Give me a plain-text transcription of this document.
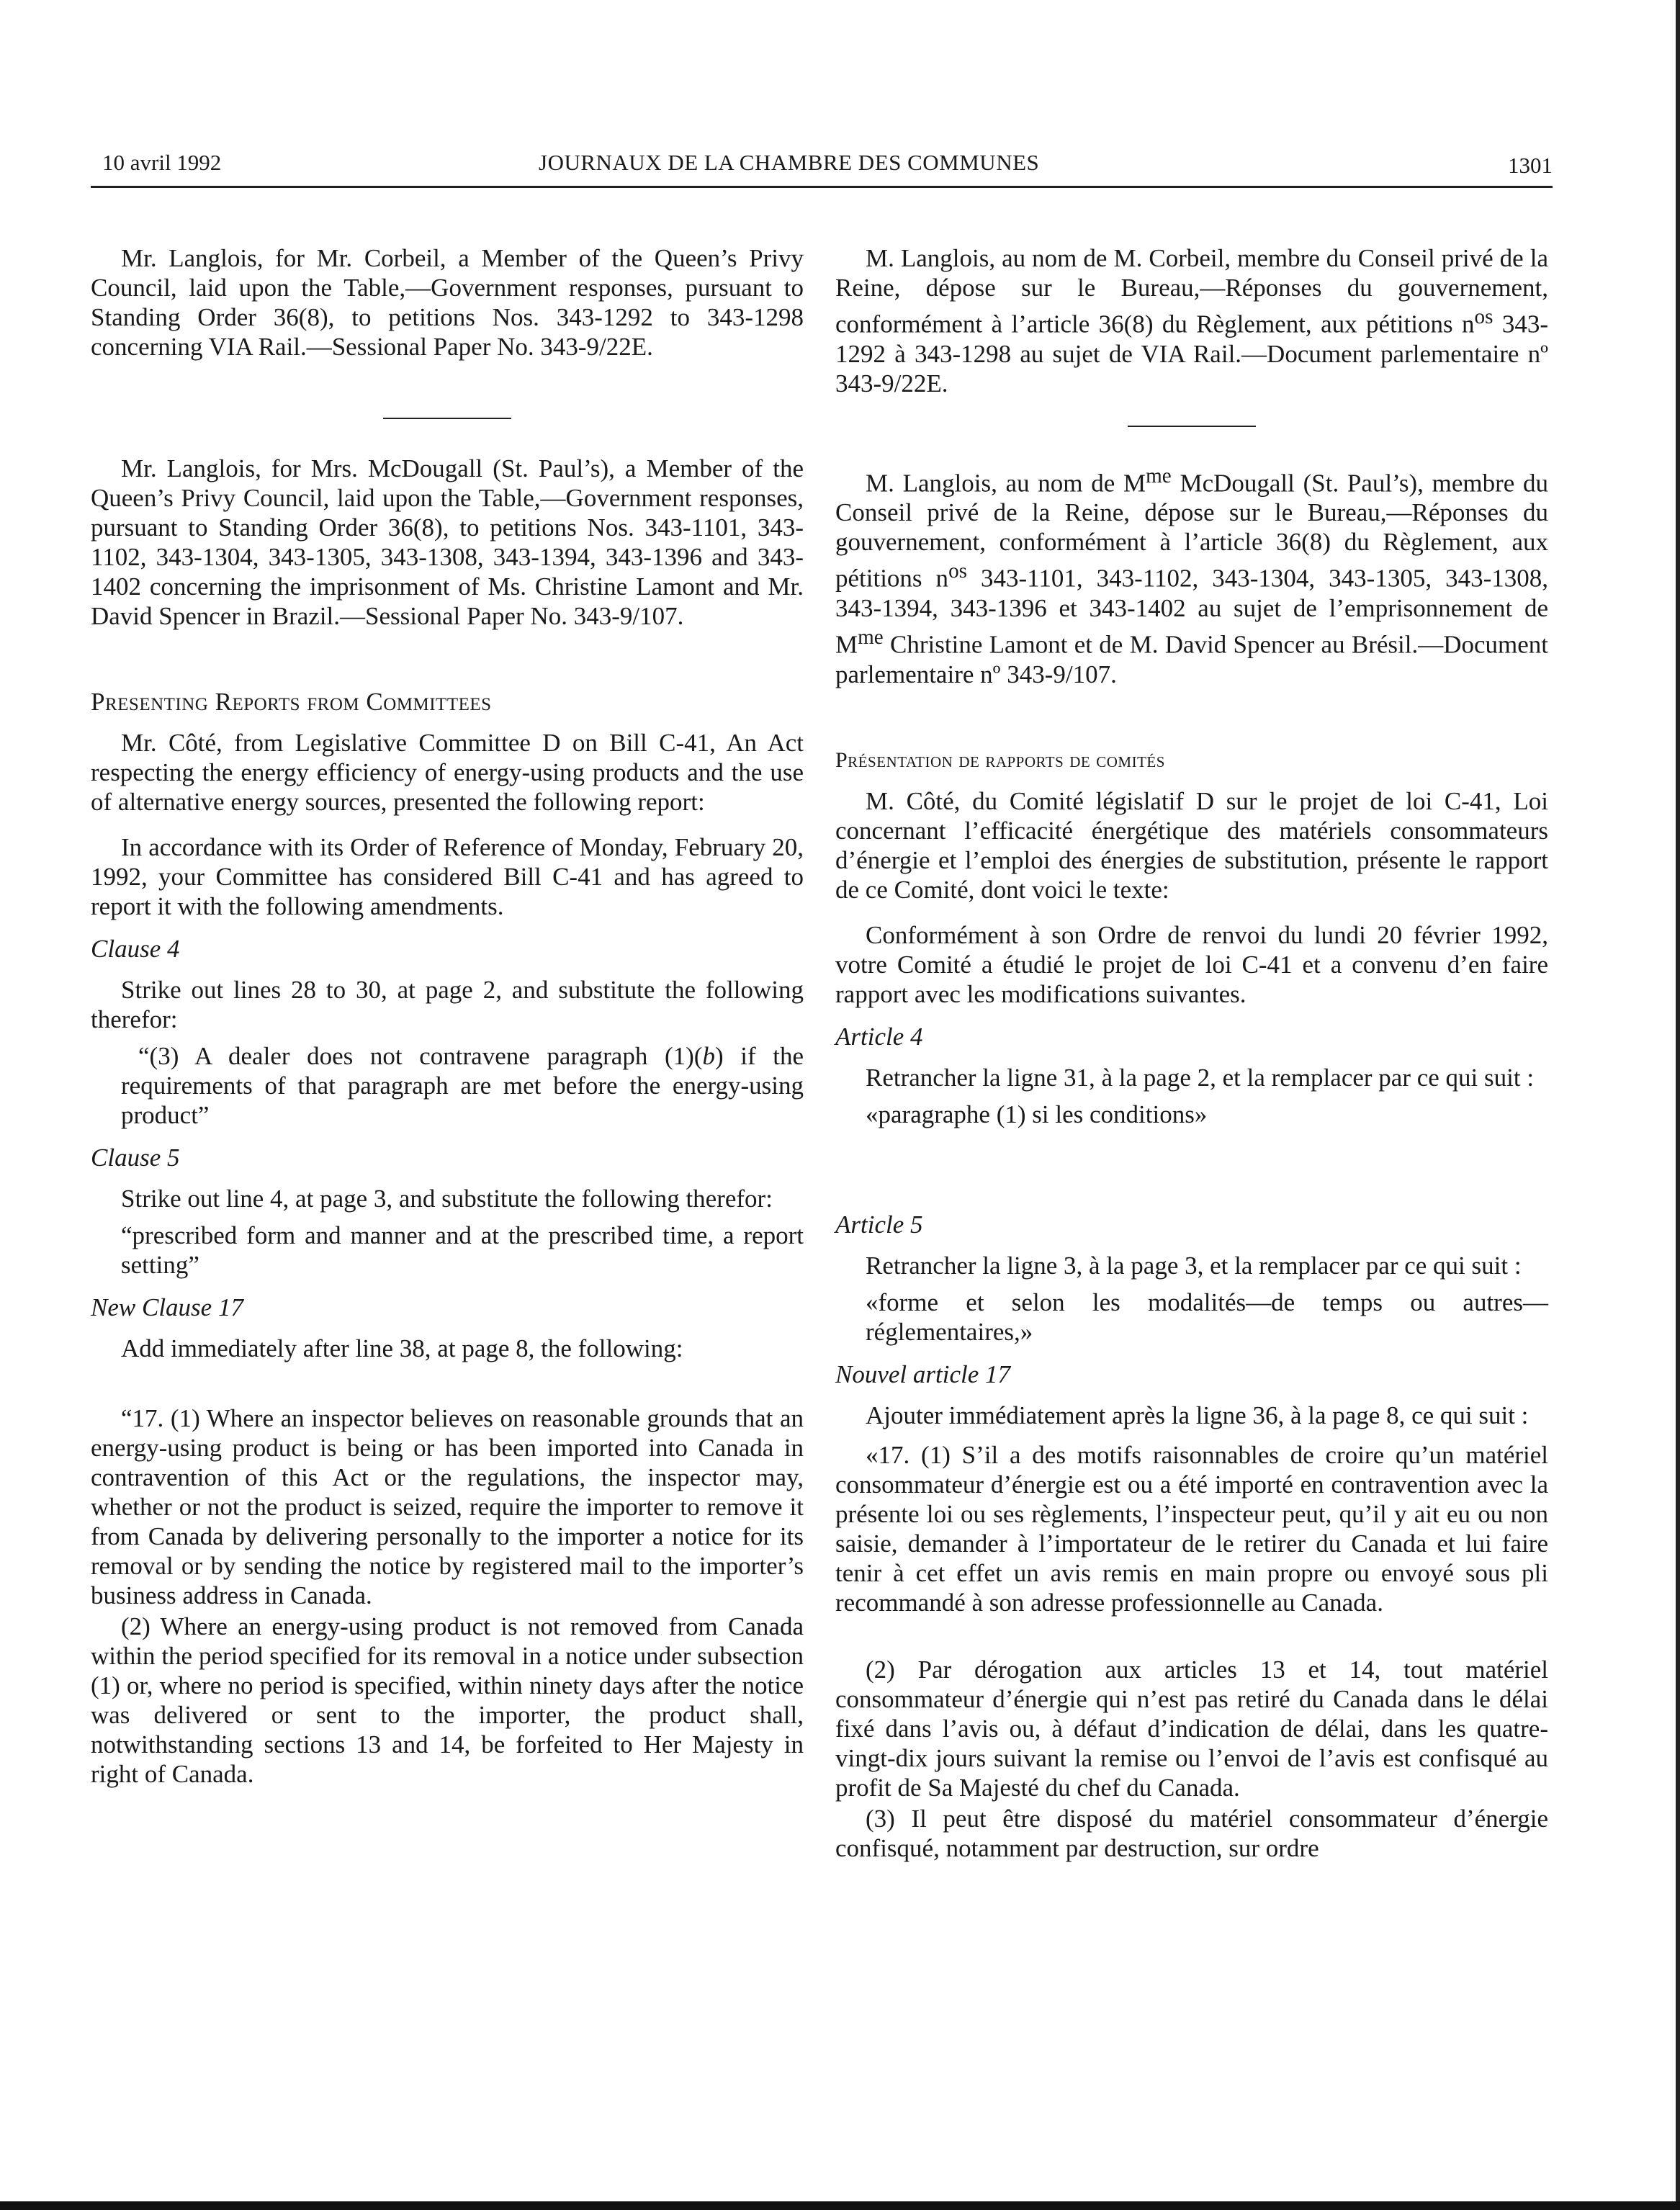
10 avril 1992	JOURNAUX DE LA CHAMBRE DES COMMUNES	1301

Mr. Langlois, for Mr. Corbeil, a Member of the Queen’s Privy Council, laid upon the Table,—Government responses, pursuant to Standing Order 36(8), to petitions Nos. 343-1292 to 343-1298 concerning VIA Rail.—Sessional Paper No. 343-9/22E.

Mr. Langlois, for Mrs. McDougall (St. Paul’s), a Member of the Queen’s Privy Council, laid upon the Table,—Government responses, pursuant to Standing Order 36(8), to petitions Nos. 343-1101, 343-1102, 343-1304, 343-1305, 343-1308, 343-1394, 343-1396 and 343-1402 concerning the imprisonment of Ms. Christine Lamont and Mr. David Spencer in Brazil.—Sessional Paper No. 343-9/107.

Presenting Reports from Committees

Mr. Côté, from Legislative Committee D on Bill C-41, An Act respecting the energy efficiency of energy-using products and the use of alternative energy sources, presented the following report:

In accordance with its Order of Reference of Monday, February 20, 1992, your Committee has considered Bill C-41 and has agreed to report it with the following amendments.

Clause 4

Strike out lines 28 to 30, at page 2, and substitute the following therefor:

“(3) A dealer does not contravene paragraph (1)(b) if the requirements of that paragraph are met before the energy-using product”

Clause 5

Strike out line 4, at page 3, and substitute the following therefor:

“prescribed form and manner and at the prescribed time, a report setting”

New Clause 17

Add immediately after line 38, at page 8, the following:

“17. (1) Where an inspector believes on reasonable grounds that an energy-using product is being or has been imported into Canada in contravention of this Act or the regulations, the inspector may, whether or not the product is seized, require the importer to remove it from Canada by delivering personally to the importer a notice for its removal or by sending the notice by registered mail to the importer’s business address in Canada.

(2) Where an energy-using product is not removed from Canada within the period specified for its removal in a notice under subsection (1) or, where no period is specified, within ninety days after the notice was delivered or sent to the importer, the product shall, notwithstanding sections 13 and 14, be forfeited to Her Majesty in right of Canada.

M. Langlois, au nom de M. Corbeil, membre du Conseil privé de la Reine, dépose sur le Bureau,—Réponses du gouvernement, conformément à l’article 36(8) du Règlement, aux pétitions $n^{os}$ 343-1292 à 343-1298 au sujet de VIA Rail.—Document parlementaire nº 343-9/22E.

M. Langlois, au nom de $M^{me}$ McDougall (St. Paul’s), membre du Conseil privé de la Reine, dépose sur le Bureau,—Réponses du gouvernement, conformément à l’article 36(8) du Règlement, aux pétitions $n^{os}$ 343-1101, 343-1102, 343-1304, 343-1305, 343-1308, 343-1394, 343-1396 et 343-1402 au sujet de l’emprisonnement de $M^{me}$ Christine Lamont et de M. David Spencer au Brésil.—Document parlementaire nº 343-9/107.

Présentation de rapports de comités

M. Côté, du Comité législatif D sur le projet de loi C-41, Loi concernant l’efficacité énergétique des matériels consommateurs d’énergie et l’emploi des énergies de substitution, présente le rapport de ce Comité, dont voici le texte:

Conformément à son Ordre de renvoi du lundi 20 février 1992, votre Comité a étudié le projet de loi C-41 et a convenu d’en faire rapport avec les modifications suivantes.

Article 4

Retrancher la ligne 31, à la page 2, et la remplacer par ce qui suit :

«paragraphe (1) si les conditions»

Article 5

Retrancher la ligne 3, à la page 3, et la remplacer par ce qui suit :

«forme et selon les modalités—de temps ou autres—réglementaires,»

Nouvel article 17

Ajouter immédiatement après la ligne 36, à la page 8, ce qui suit :

«17. (1) S’il a des motifs raisonnables de croire qu’un matériel consommateur d’énergie est ou a été importé en contravention avec la présente loi ou ses règlements, l’inspecteur peut, qu’il y ait eu ou non saisie, demander à l’importateur de le retirer du Canada et lui faire tenir à cet effet un avis remis en main propre ou envoyé sous pli recommandé à son adresse professionnelle au Canada.

(2) Par dérogation aux articles 13 et 14, tout matériel consommateur d’énergie qui n’est pas retiré du Canada dans le délai fixé dans l’avis ou, à défaut d’indication de délai, dans les quatre-vingt-dix jours suivant la remise ou l’envoi de l’avis est confisqué au profit de Sa Majesté du chef du Canada.

(3) Il peut être disposé du matériel consommateur d’énergie confisqué, notamment par destruction, sur ordre
